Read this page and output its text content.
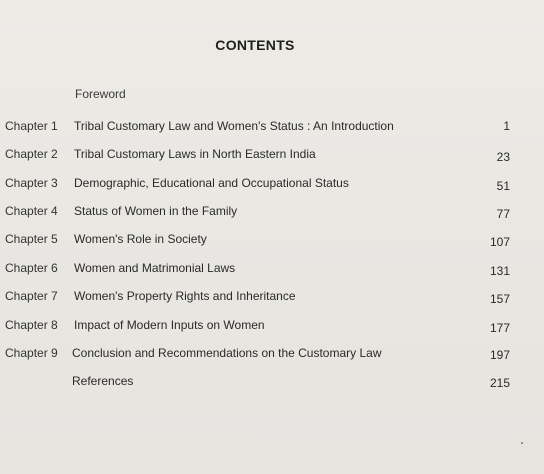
CONTENTS
Foreword
Chapter 1 Tribal Customary Law and Women's Status : An Introduction	1
Chapter 2 Tribal Customary Laws in North Eastern India	23
Chapter 3 Demographic, Educational and Occupational Status	51
Chapter 4 Status of Women in the Family	77
Chapter 5 Women's Role in Society	107
Chapter 6 Women and Matrimonial Laws	131
Chapter 7 Women's Property Rights and Inheritance	157
Chapter 8 Impact of Modern Inputs on Women	177
Chapter 9 Conclusion and Recommendations on the Customary Law	197
References	215
